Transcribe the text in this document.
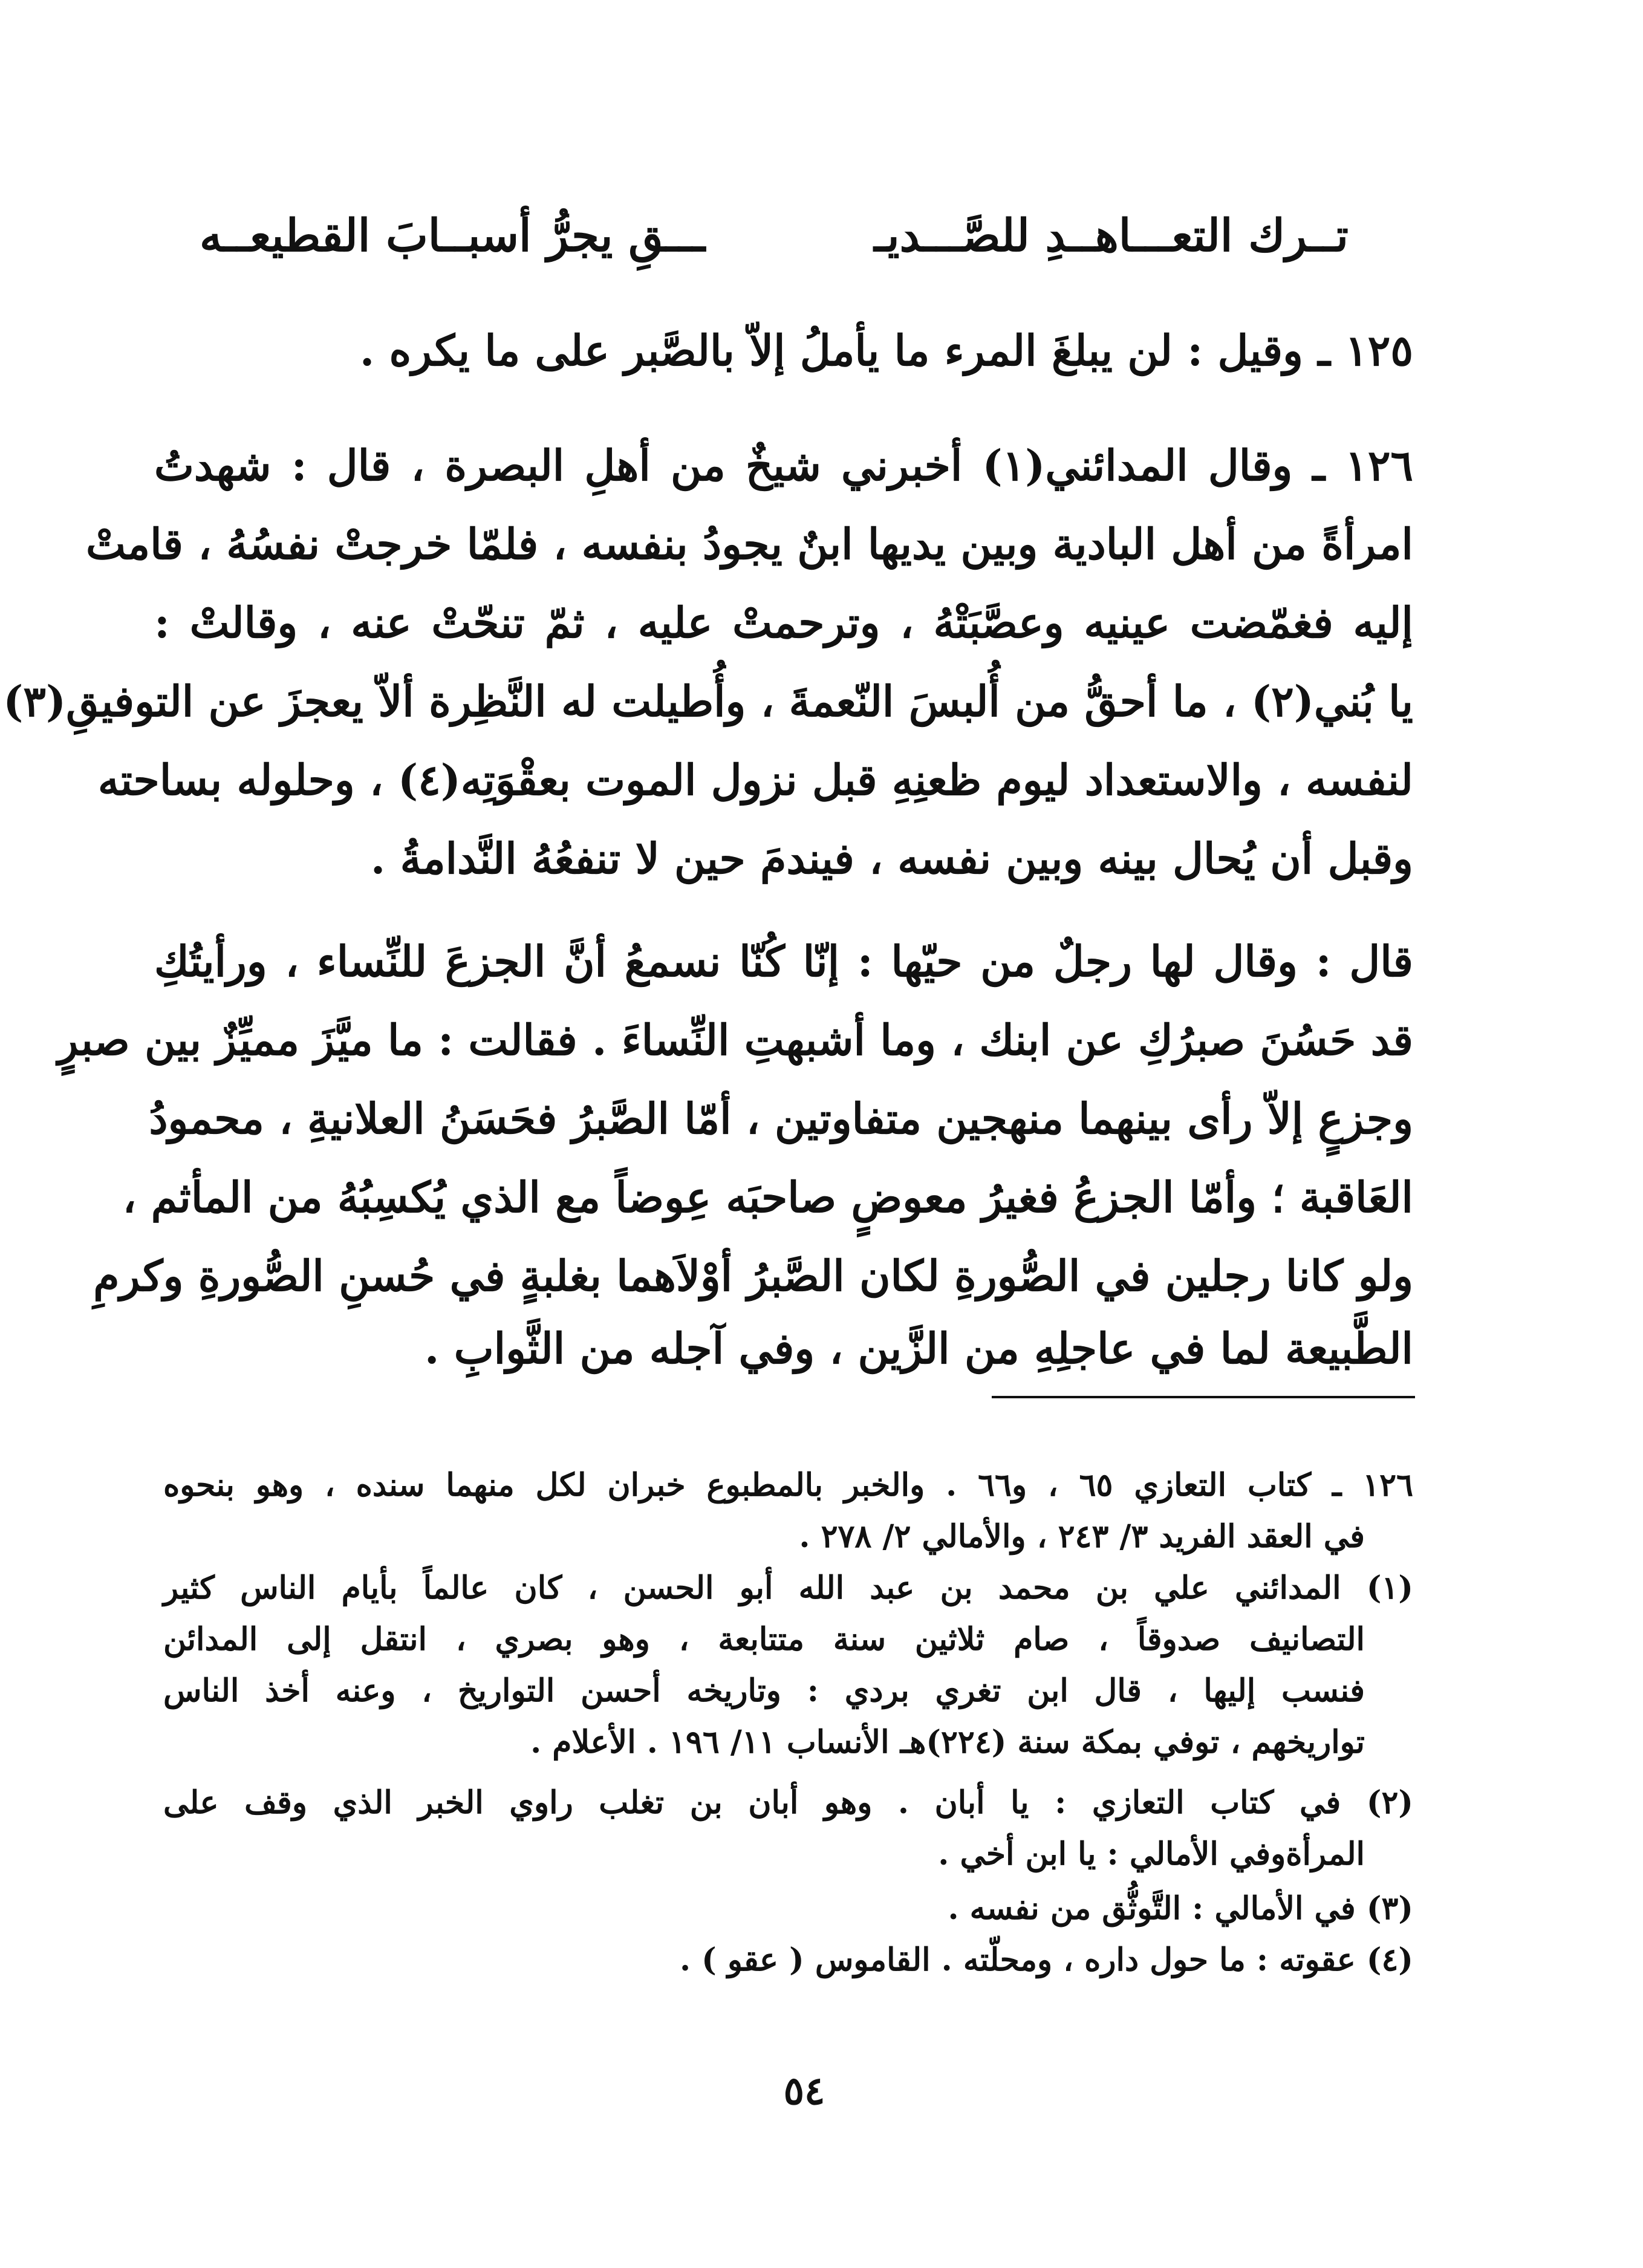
تــرك التعـــاهــدِ للصَّـــديـ
ـــقِ يجرُّ أسبــابَ القطيعــه
١٢٥ ـ وقيل : لن يبلغَ المرء ما يأملُ إلاّ بالصَّبر على ما يكره .
١٢٦ ـ وقال المدائني(١) أخبرني شيخٌ من أهلِ البصرة ، قال : شهدتُ
امرأةً من أهل البادية وبين يديها ابنٌ يجودُ بنفسه ، فلمّا خرجتْ نفسُهُ ، قامتْ
إليه فغمّضت عينيه وعصَّبَتْهُ ، وترحمتْ عليه ، ثمّ تنحّتْ عنه ، وقالتْ :
يا بُني(٢) ، ما أحقُّ من أُلبسَ النّعمةَ ، وأُطيلت له النَّظِرة ألاّ يعجزَ عن التوفيقِ(٣)
لنفسه ، والاستعداد ليوم ظعنِهِ قبل نزول الموت بعقْوَتِه(٤) ، وحلوله بساحته
وقبل أن يُحال بينه وبين نفسه ، فيندمَ حين لا تنفعُهُ النَّدامةُ .
قال : وقال لها رجلٌ من حيّها : إنّا كُنّا نسمعُ أنَّ الجزعَ للنِّساء ، ورأيتُكِ
قد حَسُنَ صبرُكِ عن ابنك ، وما أشبهتِ النِّساءَ . فقالت : ما ميَّزَ مميِّزٌ بين صبرٍ
وجزعٍ إلاّ رأى بينهما منهجين متفاوتين ، أمّا الصَّبرُ فحَسَنُ العلانيةِ ، محمودُ
العَاقبة ؛ وأمّا الجزعُ فغيرُ معوضٍ صاحبَه عِوضاً مع الذي يُكسِبُهُ من المأثم ،
ولو كانا رجلين في الصُّورةِ لكان الصَّبرُ أوْلاَهما بغلبةٍ في حُسنِ الصُّورةِ وكرمِ
الطَّبيعة لما في عاجلِهِ من الزَّين ، وفي آجله من الثَّوابِ .
١٢٦ ـ كتاب التعازي ٦٥ ، و٦٦ . والخبر بالمطبوع خبران لكل منهما سنده ، وهو بنحوه
في العقد الفريد ٣/ ٢٤٣ ، والأمالي ٢/ ٢٧٨ .
(١) المدائني علي بن محمد بن عبد الله أبو الحسن ، كان عالماً بأيام الناس كثير
التصانيف صدوقاً ، صام ثلاثين سنة متتابعة ، وهو بصري ، انتقل إلى المدائن
فنسب إليها ، قال ابن تغري بردي : وتاريخه أحسن التواريخ ، وعنه أخذ الناس
تواريخهم ، توفي بمكة سنة (٢٢٤)هـ الأنساب ١١/ ١٩٦ . الأعلام .
(٢) في كتاب التعازي : يا أبان . وهو أبان بن تغلب راوي الخبر الذي وقف على
المرأةوفي الأمالي : يا ابن أخي .
(٣) في الأمالي : التَّوثُّق من نفسه .
(٤) عقوته : ما حول داره ، ومحلّته . القاموس ( عقو ) .
٥٤
